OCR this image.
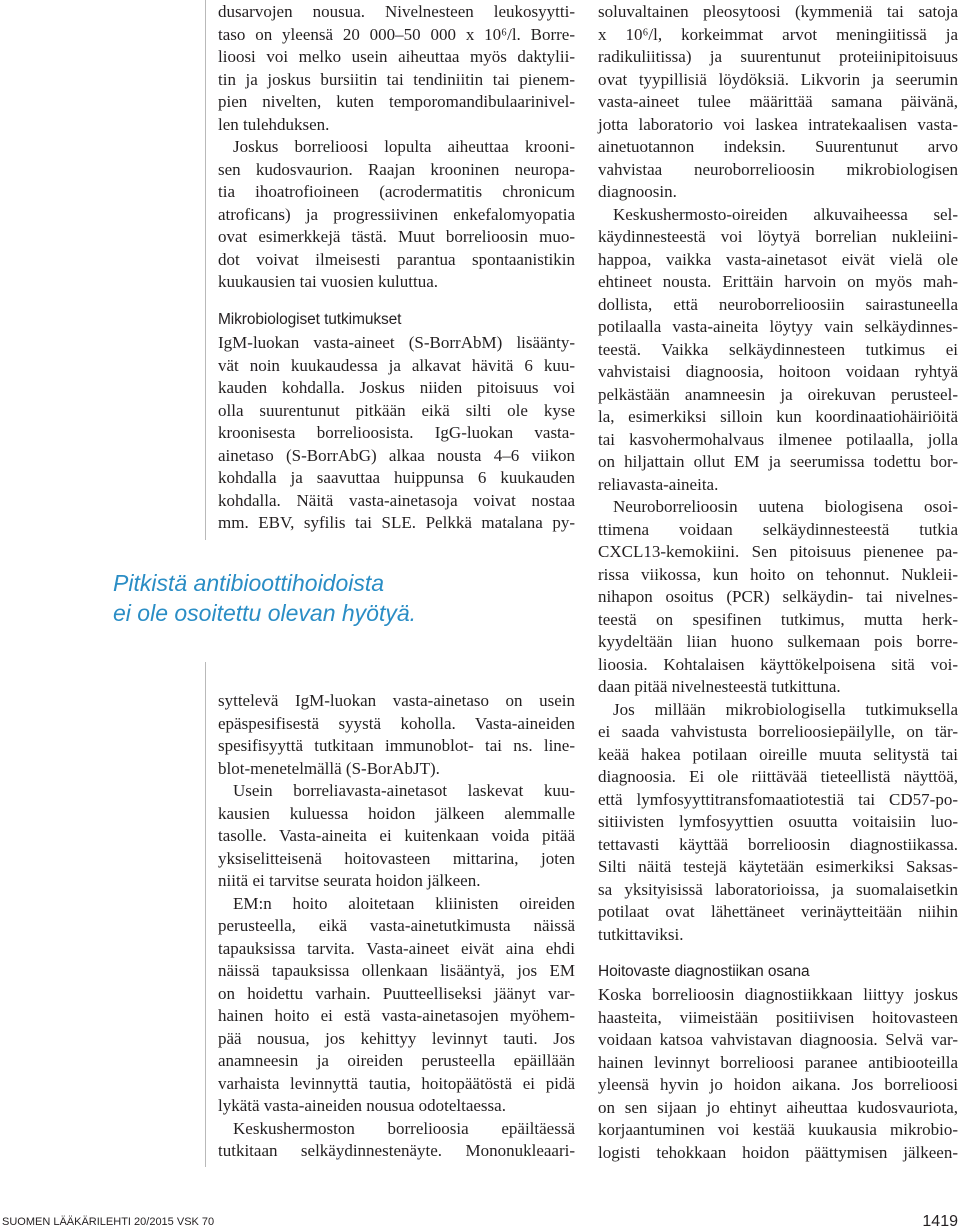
dusarvojen nousua. Nivelnesteen leukosyytti-
taso on yleensä 20 000–50 000 x 10⁶/l. Borre-
lioosi voi melko usein aiheuttaa myös daktylii-
tin ja joskus bursiitin tai tendiniitin tai pienem-
pien nivelten, kuten temporomandibulaarinivel-
len tulehduksen.
Joskus borrelioosi lopulta aiheuttaa krooni-
sen kudosvaurion. Raajan krooninen neuropa-
tia ihoatrofioineen (acrodermatitis chronicum
atroficans) ja progressiivinen enkefalomyopatia
ovat esimerkkejä tästä. Muut borrelioosin muo-
dot voivat ilmeisesti parantua spontaanistikin
kuukausien tai vuosien kuluttua.
Mikrobiologiset tutkimukset
IgM-luokan vasta-aineet (S-BorrAbM) lisäänty-
vät noin kuukaudessa ja alkavat hävitä 6 kuu-
kauden kohdalla. Joskus niiden pitoisuus voi
olla suurentunut pitkään eikä silti ole kyse
kroonisesta borrelioosista. IgG-luokan vasta-
ainetaso (S-BorrAbG) alkaa nousta 4–6 viikon
kohdalla ja saavuttaa huippunsa 6 kuukauden
kohdalla. Näitä vasta-ainetasoja voivat nostaa
mm. EBV, syfilis tai SLE. Pelkkä matalana py-
Pitkistä antibioottihoidoista
ei ole osoitettu olevan hyötyä.
syttelevä IgM-luokan vasta-ainetaso on usein
epäspesifisestä syystä koholla. Vasta-aineiden
spesifisyyttä tutkitaan immunoblot- tai ns. line-
blot-menetelmällä (S-BorAbJT).
Usein borreliavasta-ainetasot laskevat kuu-
kausien kuluessa hoidon jälkeen alemmalle
tasolle. Vasta-aineita ei kuitenkaan voida pitää
yksiselitteisenä hoitovasteen mittarina, joten
niitä ei tarvitse seurata hoidon jälkeen.
EM:n hoito aloitetaan kliinisten oireiden
perusteella, eikä vasta-ainetutkimusta näissä
tapauksissa tarvita. Vasta-aineet eivät aina ehdi
näissä tapauksissa ollenkaan lisääntyä, jos EM
on hoidettu varhain. Puutteelliseksi jäänyt var-
hainen hoito ei estä vasta-ainetasojen myöhem-
pää nousua, jos kehittyy levinnyt tauti. Jos
anamneesin ja oireiden perusteella epäillään
varhaista levinnyttä tautia, hoitopäätöstä ei pidä
lykätä vasta-aineiden nousua odoteltaessa.
Keskushermoston borrelioosia epäiltäessä
tutkitaan selkäydinnestenäyte. Mononukleaari-
soluvaltainen pleosytoosi (kymmeniä tai satoja
x 10⁶/l, korkeimmat arvot meningiitissä ja
radikuliitissa) ja suurentunut proteiinipitoisuus
ovat tyypillisiä löydöksiä. Likvorin ja seerumin
vasta-aineet tulee määrittää samana päivänä,
jotta laboratorio voi laskea intratekaalisen vasta-
ainetuotannon indeksin. Suurentunut arvo
vahvistaa neuroborrelioosin mikrobiologisen
diagnoosin.
Keskushermosto-oireiden alkuvaiheessa sel-
käydinnesteestä voi löytyä borrelian nukleiini-
happoa, vaikka vasta-ainetasot eivät vielä ole
ehtineet nousta. Erittäin harvoin on myös mah-
dollista, että neuroborrelioosiin sairastuneella
potilaalla vasta-aineita löytyy vain selkäydinnes-
teestä. Vaikka selkäydinnesteen tutkimus ei
vahvistaisi diagnoosia, hoitoon voidaan ryhtyä
pelkästään anamneesin ja oirekuvan perusteel-
la, esimerkiksi silloin kun koordinaatiohäiriöitä
tai kasvohermohalvaus ilmenee potilaalla, jolla
on hiljattain ollut EM ja seerumissa todettu bor-
reliavasta-aineita.
Neuroborrelioosin uutena biologisena osoi-
ttimena voidaan selkäydinnesteestä tutkia
CXCL13-kemokiini. Sen pitoisuus pienenee pa-
rissa viikossa, kun hoito on tehonnut. Nukleii-
nihapon osoitus (PCR) selkäydin- tai nivelnes-
teestä on spesifinen tutkimus, mutta herk-
kyydeltään liian huono sulkemaan pois borre-
lioosia. Kohtalaisen käyttökelpoisena sitä voi-
daan pitää nivelnesteestä tutkittuna.
Jos millään mikrobiologisella tutkimuksella
ei saada vahvistusta borrelioosiepäilylle, on tär-
keää hakea potilaan oireille muuta selitystä tai
diagnoosia. Ei ole riittävää tieteellistä näyttöä,
että lymfosyyttitransfomaatiotestiä tai CD57-po-
sitiivisten lymfosyyttien osuutta voitaisiin luo-
tettavasti käyttää borrelioosin diagnostiikassa.
Silti näitä testejä käytetään esimerkiksi Saksas-
sa yksityisissä laboratorioissa, ja suomalaisetkin
potilaat ovat lähettäneet verinäytteitään niihin
tutkittaviksi.
Hoitovaste diagnostiikan osana
Koska borrelioosin diagnostiikkaan liittyy joskus
haasteita, viimeistään positiivisen hoitovasteen
voidaan katsoa vahvistavan diagnoosia. Selvä var-
hainen levinnyt borrelioosi paranee antibiooteilla
yleensä hyvin jo hoidon aikana. Jos borrelioosi
on sen sijaan jo ehtinyt aiheuttaa kudosvauriota,
korjaantuminen voi kestää kuukausia mikrobio-
logisti tehokkaan hoidon päättymisen jälkeen-
SUOMEN LÄÄKÄRILEHTI 20/2015 VSK 70	1419
